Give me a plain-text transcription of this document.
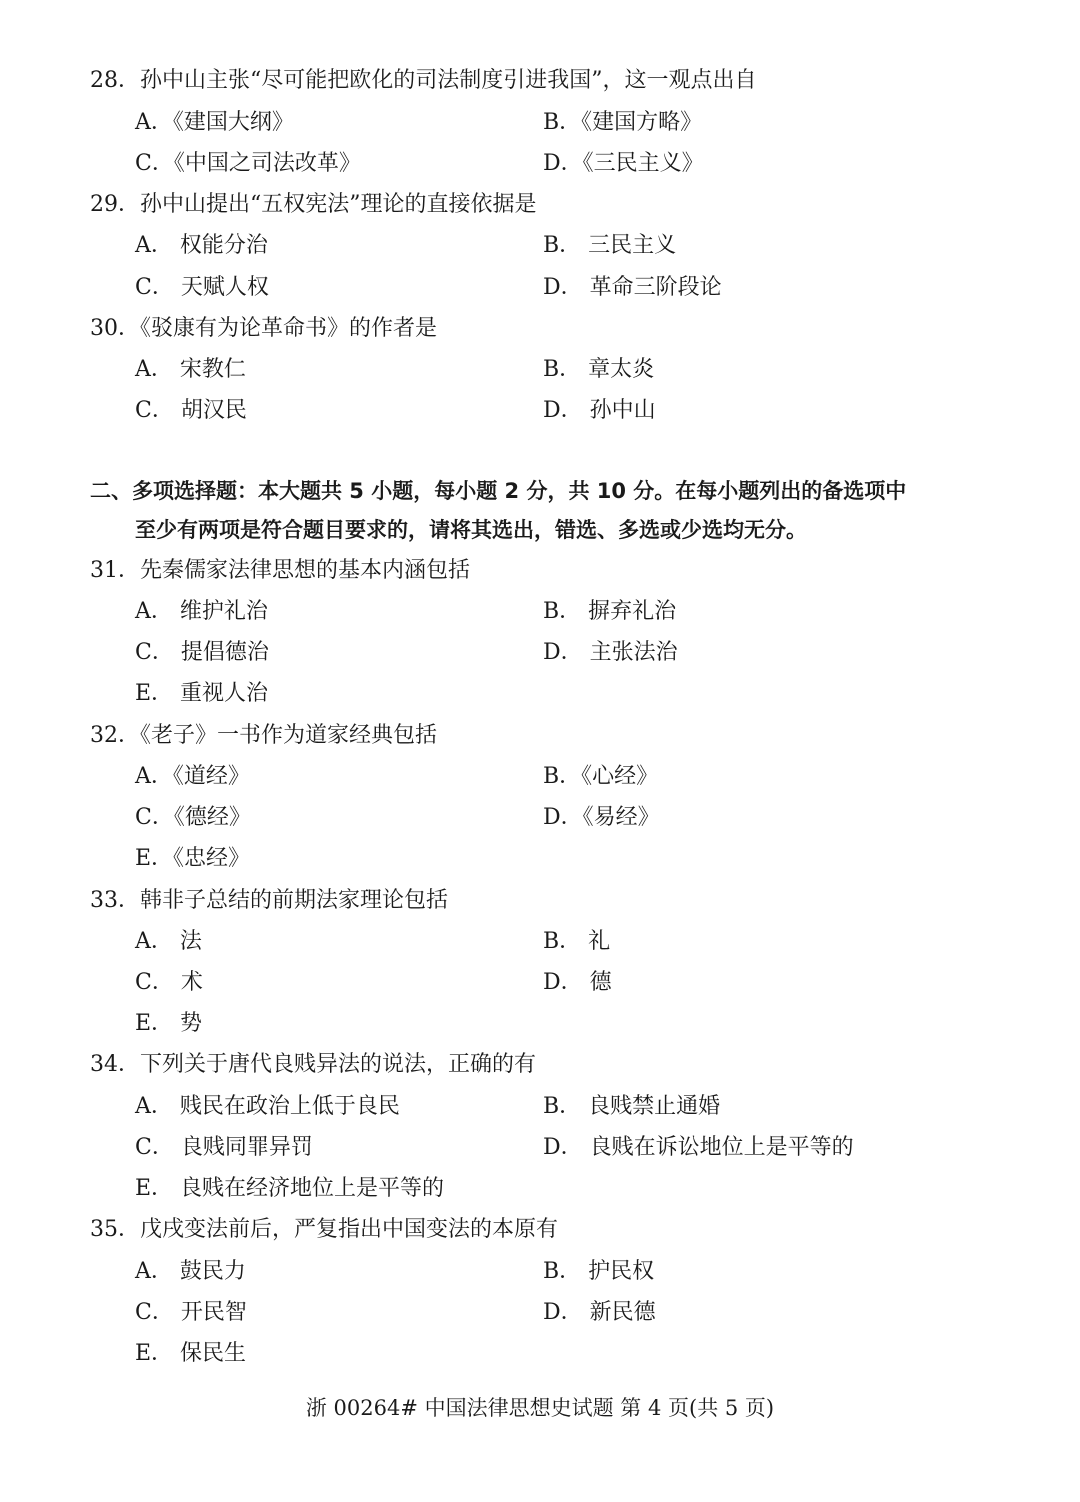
28．孙中山主张“尽可能把欧化的司法制度引进我国”，这一观点出自
A．《建国大纲》	B．《建国方略》
C．《中国之司法改革》	D．《三民主义》
29．孙中山提出“五权宪法”理论的直接依据是
A． 权能分治	B． 三民主义
C． 天赋人权	D． 革命三阶段论
30．《驳康有为论革命书》的作者是
A． 宋教仁	B． 章太炎
C． 胡汉民	D． 孙中山
二、多项选择题：本大题共 5 小题，每小题 2 分，共 10 分。在每小题列出的备选项中
至少有两项是符合题目要求的，请将其选出，错选、多选或少选均无分。
31．先秦儒家法律思想的基本内涵包括
A． 维护礼治	B． 摒弃礼治
C． 提倡德治	D． 主张法治
E． 重视人治
32．《老子》一书作为道家经典包括
A．《道经》	B．《心经》
C．《德经》	D．《易经》
E．《忠经》
33．韩非子总结的前期法家理论包括
A． 法	B． 礼
C． 术	D． 德
E． 势
34．下列关于唐代良贱异法的说法，正确的有
A． 贱民在政治上低于良民	B． 良贱禁止通婚
C． 良贱同罪异罚	D． 良贱在诉讼地位上是平等的
E． 良贱在经济地位上是平等的
35．戊戌变法前后，严复指出中国变法的本原有
A． 鼓民力	B． 护民权
C． 开民智	D． 新民德
E． 保民生
浙 00264# 中国法律思想史试题 第 4 页(共 5 页)
